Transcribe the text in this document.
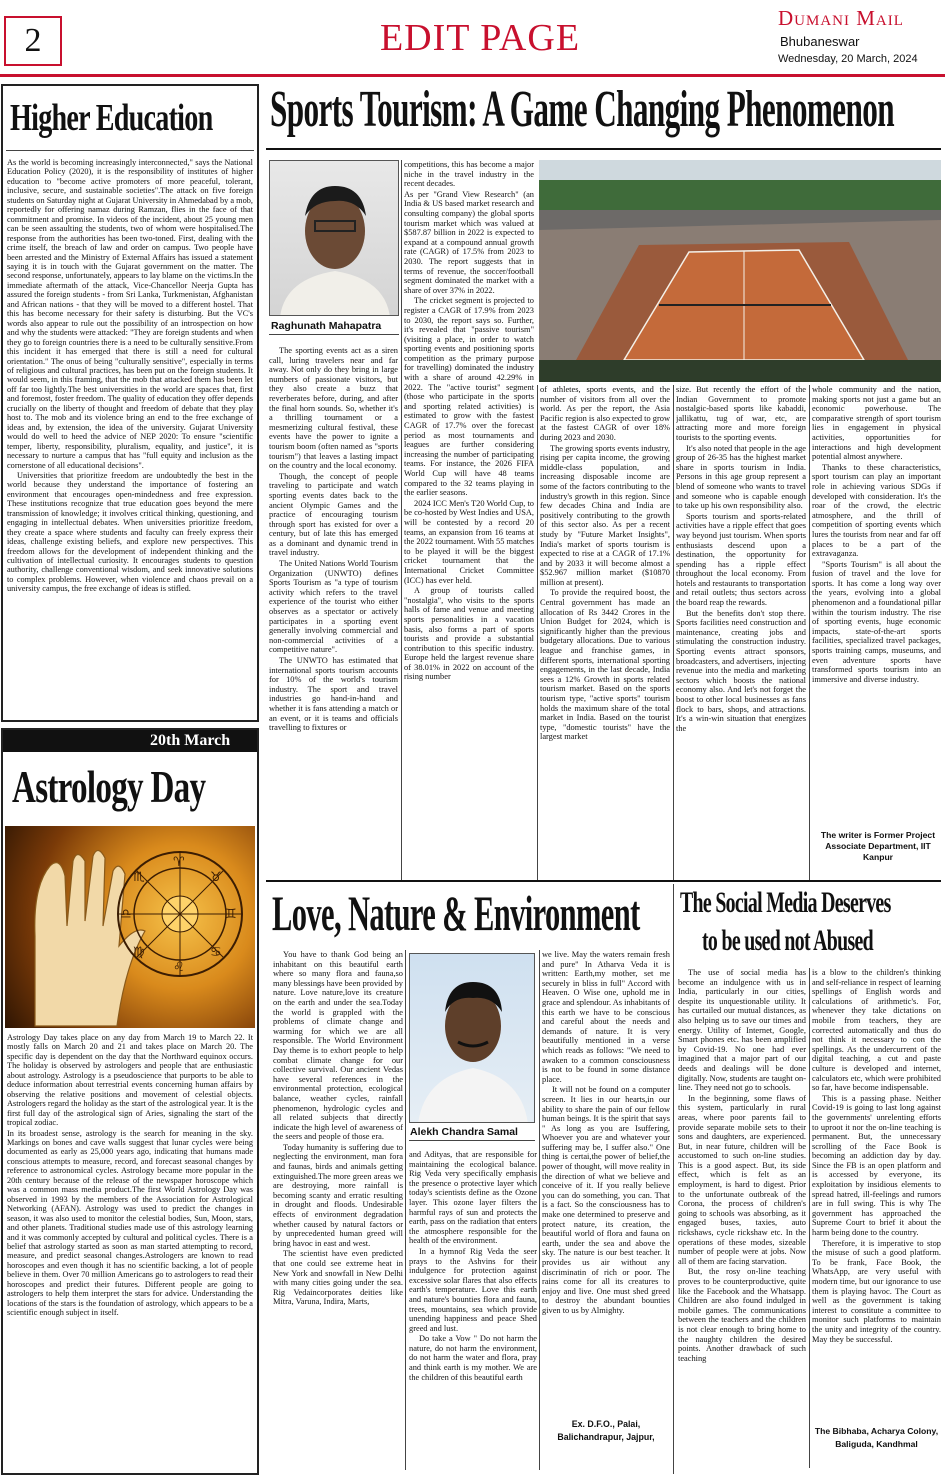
2	EDIT PAGE	Dumani Mail
Bhubaneswar
Wednesday, 20 March, 2024
Higher Education

As the world is becoming increasingly interconnected," says the National Education Policy (2020), it is the responsibility of institutes of higher education to "become active promoters of more peaceful, tolerant, inclusive, secure, and sustainable societies".The attack on five foreign students on Saturday night at Gujarat University in Ahmedabad by a mob, reportedly for offering namaz during Ramzan, flies in the face of that commitment and promise. In videos of the incident, about 25 young men can be seen assaulting the students, two of whom were hospitalised.The response from the authorities has been two-toned. First, dealing with the crime itself, the breach of law and order on campus. Two people have been arrested and the Ministry of External Affairs has issued a statement saying it is in touch with the Gujarat government on the matter. The second response, unfortunately, appears to lay blame on the victims.In the immediate aftermath of the attack, Vice-Chancellor Neerja Gupta has assured the foreign students - from Sri Lanka, Turkmenistan, Afghanistan and African nations - that they will be moved to a different hostel. That this has become necessary for their safety is disturbing. But the VC's words also appear to rule out the possibility of an introspection on how and why the students were attacked: "They are foreign students and when they go to foreign countries there is a need to be culturally sensitive.From this incident it has emerged that there is still a need for cultural orientation." The onus of being "culturally sensitive", especially in terms of religious and cultural practices, has been put on the foreign students. It would seem, in this framing, that the mob that attacked them has been let off far too lightly.The best universities in the world are spaces that, first and foremost, foster freedom. The quality of education they offer depends crucially on the liberty of thought and freedom of debate that they play host to. The mob and its violence bring an end to the free exchange of ideas and, by extension, the idea of the university. Gujarat University would do well to heed the advice of NEP 2020: To ensure "scientific temper, liberty, responsibility, pluralism, equality, and justice", it is necessary to nurture a campus that has "full equity and inclusion as the cornerstone of all educational decisions".

Universities that prioritize freedom are undoubtedly the best in the world because they understand the importance of fostering an environment that encourages open-mindedness and free expression. These institutions recognize that true education goes beyond the mere transmission of knowledge; it involves critical thinking, questioning, and engaging in intellectual debates. When universities prioritize freedom, they create a space where students and faculty can freely express their ideas, challenge existing beliefs, and explore new perspectives. This freedom allows for the development of independent thinking and the cultivation of intellectual curiosity. It encourages students to question authority, challenge conventional wisdom, and seek innovative solutions to complex problems. However, when violence and chaos prevail on a university campus, the free exchange of ideas is stifled.

20th March
Astrology Day
♈
♉
♊
♋
♌
♍
♎
♏

Astrology Day takes place on any day from March 19 to March 22. It mostly falls on March 20 and 21 and takes place on March 20. The specific day is dependent on the day that the Northward equinox occurs. The holiday is observed by astrologers and people that are enthusiastic about astrology. Astrology is a pseudoscience that purports to be able to deduce information about terrestrial events concerning human affairs by observing the relative positions and movement of celestial objects. Astrologers regard the holiday as the start of the astrological year. It is the first full day of the astrological sign of Aries, signaling the start of the tropical zodiac.

In its broadest sense, astrology is the search for meaning in the sky. Markings on bones and cave walls suggest that lunar cycles were being documented as early as 25,000 years ago, indicating that humans made conscious attempts to measure, record, and forecast seasonal changes by reference to astronomical cycles. Astrology became more popular in the 20th century because of the release of the newspaper horoscope which was a common mass media product.The first World Astrology Day was observed in 1993 by the members of the Association for Astrological Networking (AFAN). Astrology was used to predict the changes in season, it was also used to monitor the celestial bodies, Sun, Moon, stars, and other planets. Traditional studies made use of this astrology learning and it was commonly accepted by cultural and political cycles. There is a belief that astrology started as soon as man started attempting to record, measure, and predict seasonal changes.Astrologers are known to read horoscopes and even though it has no scientific backing, a lot of people believe in them. Over 70 million Americans go to astrologers to read their horoscopes and predict their futures. Different people are going to astrologers to help them interpret the stars for advice. Understanding the locations of the stars is the foundation of astrology, which appears to be a scientific enough subject in itself.

Sports Tourism: A Game Changing Phenomenon
Raghunath Mahapatra

The sporting events act as a siren call, luring travelers near and far away. Not only do they bring in large numbers of passionate visitors, but they also create a buzz that reverberates before, during, and after the final horn sounds. So, whether it's a thrilling tournament or a mesmerizing cultural festival, these events have the power to ignite a tourism boom (often named as "sports tourism") that leaves a lasting impact on the country and the local economy.

Though, the concept of people traveling to participate and watch sporting events dates back to the ancient Olympic Games and the practice of encouraging tourism through sport has existed for over a century, but of late this has emerged as a dominant and dynamic trend in travel industry.

The United Nations World Tourism Organization (UNWTO) defines Sports Tourism as "a type of tourism activity which refers to the travel experience of the tourist who either observes as a spectator or actively participates in a sporting event generally involving commercial and non-commercial activities of a competitive nature".

The UNWTO has estimated that international sports tourism accounts for 10% of the world's tourism industry. The sport and travel industries go hand-in-hand and whether it is fans attending a match or an event, or it is teams and officials travelling to fixtures or

competitions, this has become a major niche in the travel industry in the recent decades.

As per "Grand View Research" (an India & US based market research and consulting company) the global sports tourism market which was valued at $587.87 billion in 2022 is expected to expand at a compound annual growth rate (CAGR) of 17.5% from 2023 to 2030. The report suggests that in terms of revenue, the soccer/football segment dominated the market with a share of over 37% in 2022.

The cricket segment is projected to register a CAGR of 17.9% from 2023 to 2030, the report says so. Further, it's revealed that "passive tourism" (visiting a place, in order to watch sporting events and positioning sports competition as the primary purpose for travelling) dominated the industry with a share of around 42.29% in 2022. The "active tourist" segment (those who participate in the sports and sporting related activities) is estimated to grow with the fastest CAGR of 17.7% over the forecast period as most tournaments and leagues are further considering increasing the number of participating teams. For instance, the 2026 FIFA World Cup will have 48 teams compared to the 32 teams playing in the earlier seasons.

2024 ICC Men's T20 World Cup, to be co-hosted by West Indies and USA, will be contested by a record 20 teams, an expansion from 16 teams at the 2022 tournament. With 55 matches to be played it will be the biggest cricket tournament that the International Cricket Committee (ICC) has ever held.

A group of tourists called "nostalgia", who visits to the sports halls of fame and venue and meeting sports personalities in a vacation basis, also forms a part of sports tourists and provide a substantial contribution to this specific industry. Europe held the largest revenue share of 38.01% in 2022 on account of the rising number

of athletes, sports events, and the number of visitors from all over the world. As per the report, the Asia Pacific region is also expected to grow at the fastest CAGR of over 18% during 2023 and 2030.

The growing sports events industry, rising per capita income, the growing middle-class population, and increasing disposable income are some of the factors contributing to the industry's growth in this region. Since few decades China and India are positively contributing to the growth of this sector also. As per a recent study by "Future Market Insights", India's market of sports tourism is expected to rise at a CAGR of 17.1% and by 2033 it will become almost a $52.967 million market ($10870 million at present).

To provide the required boost, the Central government has made an allocation of Rs 3442 Crores in the Union Budget for 2024, which is significantly higher than the previous budgetary allocations. Due to various league and franchise games, in different sports, international sporting engagements, in the last decade, India sees a 12% Growth in sports related tourism market. Based on the sports tourism type, "active sports" tourism holds the maximum share of the total market in India. Based on the tourist type, "domestic tourists" have the largest market

size. But recently the effort of the Indian Government to promote nostalgic-based sports like kabaddi, jallikattu, tug of war, etc, are attracting more and more foreign tourists to the sporting events.

It's also noted that people in the age group of 26-35 has the highest market share in sports tourism in India. Persons in this age group represent a blend of someone who wants to travel and someone who is capable enough to take up his own responsibility also.

Sports tourism and sports-related activities have a ripple effect that goes way beyond just tourism. When sports enthusiasts descend upon a destination, the opportunity for spending has a ripple effect throughout the local economy. From hotels and restaurants to transportation and retail outlets; thus sectors across the board reap the rewards.

But the benefits don't stop there. Sports facilities need construction and maintenance, creating jobs and stimulating the construction industry. Sporting events attract sponsors, broadcasters, and advertisers, injecting revenue into the media and marketing sectors which boosts the national economy also. And let's not forget the boost to other local businesses as fans flock to bars, shops, and attractions. It's a win-win situation that energizes the

whole community and the nation, making sports not just a game but an economic powerhouse. The comparative strength of sport tourism lies in engagement in physical activities, opportunities for interactions and high development potential almost anywhere.

Thanks to these characteristics, sport tourism can play an important role in achieving various SDGs if developed with consideration. It's the roar of the crowd, the electric atmosphere, and the thrill of competition of sporting events which lures the tourists from near and far off places to be a part of the extravaganza.

"Sports Tourism" is all about the fusion of travel and the love for sports. It has come a long way over the years, evolving into a global phenomenon and a foundational pillar within the tourism industry. The rise of sporting events, huge economic impacts, state-of-the-art sports facilities, specialized travel packages, sports training camps, museums, and even adventure sports have transformed sports tourism into an immersive and diverse industry.

The writer is Former Project Associate Department, IIT Kanpur
Love, Nature & Environment

You have to thank God being an inhabitant on this beautiful earth where so many flora and fauna,so many blessings have been provided by nature. Love nature,love its creature on the earth and under the sea.Today the world is grappled with the problems of climate change and warming for which we are all responsible. The World Environment Day theme is to exhort people to help combat climate change for our collective survival. Our ancient Vedas have several references in the environmental protection, ecological balance, weather cycles, rainfall phenomenon, hydrologic cycles and all related subjects that directly indicate the high level of awareness of the seers and people of those era.

Today humanity is suffering due to neglecting the environment, man fora and faunas, birds and animals getting extinguished.The more green areas we are destroying, more rainfall is becoming scanty and erratic resulting in drought and floods. Undesirable effects of environment degradation whether caused by natural factors or by unprecedented human greed will bring havoc in east and west.

The scientist have even predicted that one could see extreme heat in New York and snowfall in New Delhi with many cities going under the sea. Rig Vedaincorporates deities like Mitra, Varuna, Indira, Marts,

Alekh Chandra Samal

and Adityas, that are responsible for maintaining the ecological balance. Rig Veda very specifically emphasis the presence o protective layer which today's scientists define as the Ozone layer. This ozone layer filters the harmful rays of sun and protects the earth, pass on the radiation that enters the atmosphere responsible for the health of the environment.

In a hymnof Rig Veda the seer prays to the Ashvins for their indulgence for protection against excessive solar flares that also effects earth's temperature. Love this earth and nature's bounties flora and fauna, trees, mountains, sea which provide unending happiness and peace Shed greed and lust.

Do take a Vow " Do not harm the nature, do not harm the environment, do not harm the water and flora, pray and think earth is my mother. We are the children of this beautiful earth

we live. May the waters remain fresh and pure" In Atharva Veda it is written: Earth,my mother, set me securely in bliss in full" Accord with Heaven. O Wise one, uphold me in grace and splendour. As inhabitants of this earth we have to be conscious and careful about the needs and demands of nature. It is very beautifully mentioned in a verse which reads as follows: "We need to awaken to a common consciousness is not to be found in some distance place.

It will not be found on a computer screen. It lies in our hearts,in our ability to share the pain of our fellow human beings. It is the spirit that says " As long as you are Isuffering, Whoever you are and whatever your suffering may be, I suffer also." One thing is certai,the power of belief,the power of thought, will move reality in the direction of what we believe and conceive of it. If you really believe you can do something, you can. That is a fact. So the consciousness has to make one determined to preserve and protect nature, its creation, the beautiful world of flora and fauna on earth, under the sea and above the sky. The nature is our best teacher. It provides us air without any discriminatin of rich or poor. The rains come for all its creatures to enjoy and live. One must shed greed to destroy the abundant bounties given to us by Almighty.

Ex. D.F.O., Palai, Balichandrapur, Jajpur,
The Social Media Deserves
to be used not Abused

The use of social media has become an indulgence with us in India, particularly in our cities, despite its unquestionable utility. It has curtailed our mutual distances, as also helping us to save our times and energy. Utility of Internet, Google, Smart phones etc. has been amplified by Covid-19. No one had ever imagined that a major part of our deeds and dealings will be done digitally. Now, students are taught on-line. They need not go to schools.

In the beginning, some flaws of this system, particularly in rural areas, where poor parents fail to provide separate mobile sets to their sons and daughters, are experienced. But, in near future, children will be accustomed to such on-line studies. This is a good aspect. But, its side effect, which is felt as an employment, is hard to digest. Prior to the unfortunate outbreak of the Corona, the process of children's going to schools was absorbing, as it engaged buses, taxies, auto rickshaws, cycle rickshaw etc. In the operations of these modes, sizeable number of people were at jobs. Now all of them are facing starvation.

But, the rosy on-line teaching proves to be counterproductive, quite like the Facebook and the Whatsapp. Children are also found indulged in mobile games. The communications between the teachers and the children is not clear enough to bring home to the naughty children the desired points. Another drawback of such teaching

is a blow to the children's thinking and self-reliance in respect of learning spellings of English words and calculations of arithmetic's. For, whenever they take dictations on mobile from teachers, they are corrected automatically and thus do not think it necessary to con the spellings. As the undercurrent of the digital teaching, a cut and paste culture is developed and internet, calculators etc, which were prohibited so far, have become indispensable.

This is a passing phase. Neither Covid-19 is going to last long against the governments' unrelenting efforts to uproot it nor the on-line teaching is permanent. But, the unnecessary scrolling of the Face Book is becoming an addiction day by day. Since the FB is an open platform and is accessed by everyone, its exploitation by insidious elements to spread hatred, ill-feelings and rumors are in full swing. This is why The government has approached the Supreme Court to brief it about the harm being done to the country.

Therefore, it is imperative to stop the misuse of such a good platform. To be frank, Face Book, the WhatsApp, are very useful with modern time, but our ignorance to use them is playing havoc. The Court as well as the government is taking interest to constitute a committee to monitor such platforms to maintain the unity and integrity of the country. May they be successful.

The Bibhaba, Acharya Colony,
Baliguda, Kandhmal
